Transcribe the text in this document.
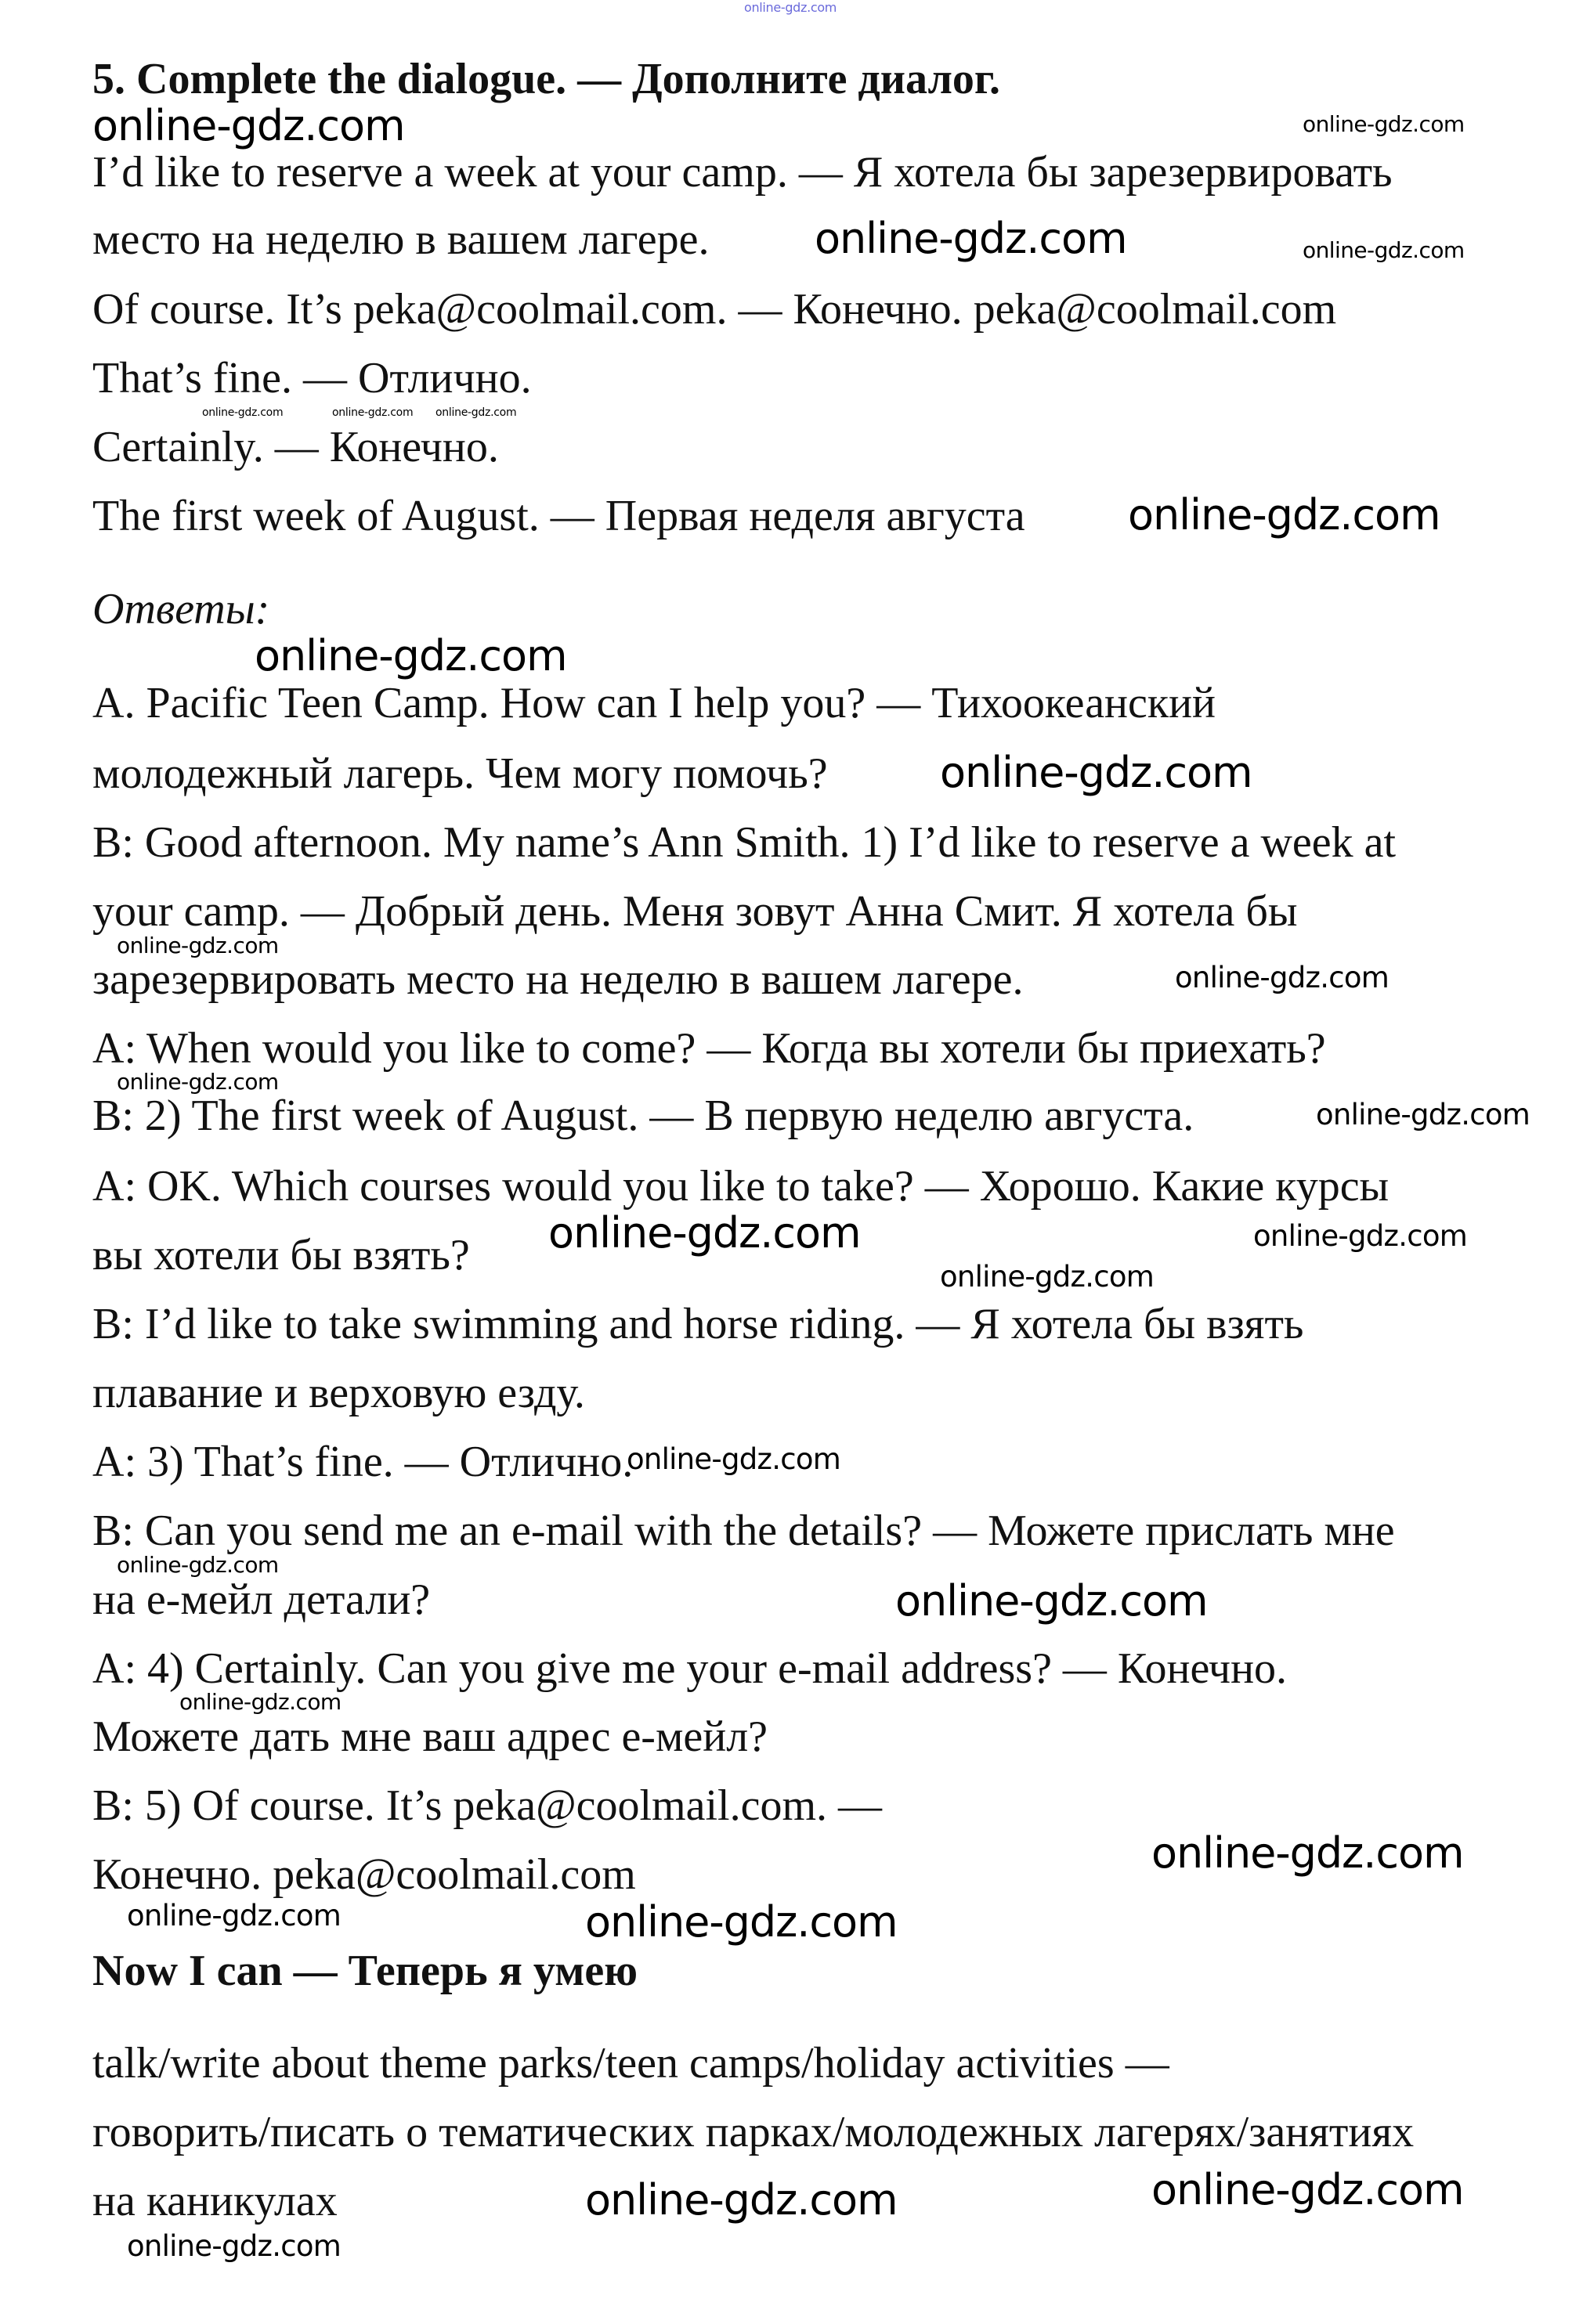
5. Complete the dialogue. — Дополните диалог.
I’d like to reserve a week at your camp. — Я хотела бы зарезервировать
место на неделю в вашем лагере.
Of course. It’s peka@coolmail.com. — Конечно. peka@coolmail.com
That’s fine. — Отлично.
Certainly. — Конечно.
The first week of August. — Первая неделя августа
Ответы:
A. Pacific Teen Camp. How can I help you? — Тихоокеанский
молодежный лагерь. Чем могу помочь?
B: Good afternoon. My name’s Ann Smith. 1) I’d like to reserve a week at
your camp. — Добрый день. Меня зовут Анна Смит. Я хотела бы
зарезервировать место на неделю в вашем лагере.
A: When would you like to come? — Когда вы хотели бы приехать?
B: 2) The first week of August. — В первую неделю августа.
A: OK. Which courses would you like to take? — Хорошо. Какие курсы
вы хотели бы взять?
B: I’d like to take swimming and horse riding. — Я хотела бы взять
плавание и верховую езду.
A: 3) That’s fine. — Отлично.
B: Can you send me an e-mail with the details? — Можете прислать мне
на е-мейл детали?
A: 4) Certainly. Can you give me your e-mail address? — Конечно.
Можете дать мне ваш адрес е-мейл?
B: 5) Of course. It’s peka@coolmail.com. —
Конечно. peka@coolmail.com
Now I can — Теперь я умею
talk/write about theme parks/teen camps/holiday activities —
говорить/писать о тематических парках/молодежных лагерях/занятиях
на каникулах
online-gdz.com
online-gdz.com	online-gdz.com
online-gdz.com	online-gdz.com
online-gdz.com	online-gdz.com online-gdz.com
online-gdz.com
online-gdz.com
online-gdz.com
online-gdz.com
online-gdz.com
online-gdz.com
online-gdz.com
online-gdz.com	online-gdz.com
online-gdz.com
online-gdz.com
online-gdz.com
online-gdz.com
online-gdz.com
online-gdz.com
online-gdz.com	online-gdz.com
online-gdz.com
online-gdz.com	online-gdz.com
